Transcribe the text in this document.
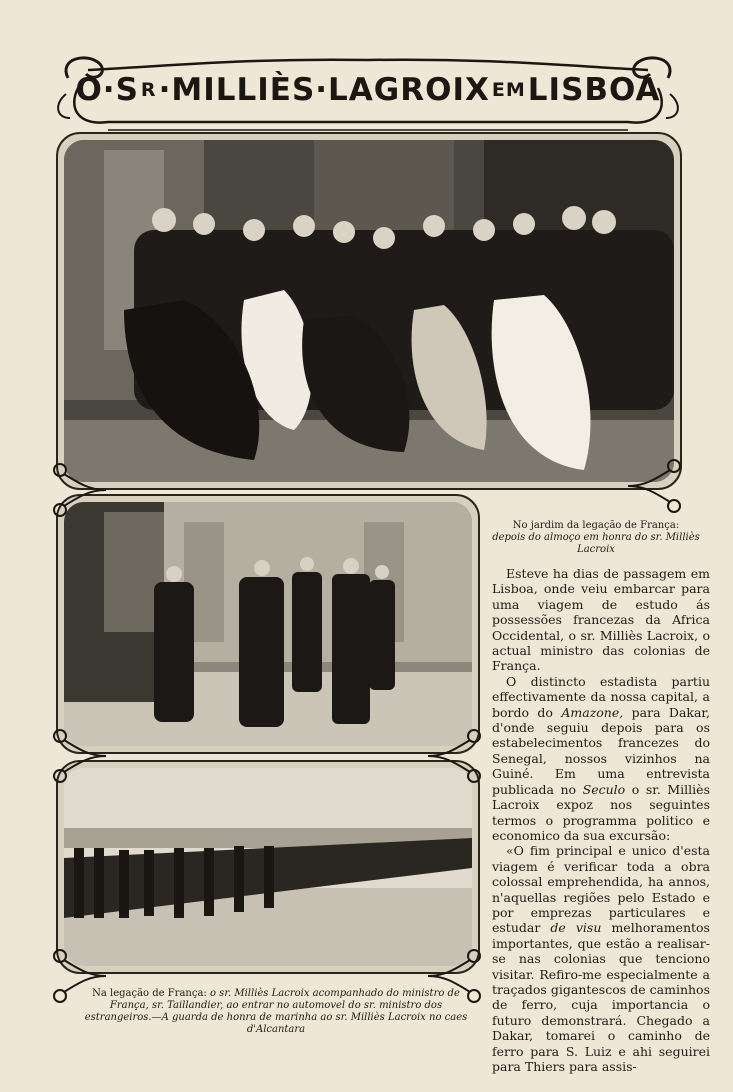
O·S R · MILLIÈS·LAGROIX EM LISBOA
No jardim da legação de França:
depois do almoço em honra do sr. Milliès Lacroix

Esteve ha dias de passagem em Lisboa, onde veiu embarcar para uma viagem de estudo ás possessões francezas da Africa Occidental, o sr. Milliès Lacroix, o actual ministro das colonias de França.

O distincto estadista partiu effectivamente da nossa capital, a bordo do Amazone, para Dakar, d'onde seguiu depois para os estabelecimentos francezes do Senegal, nossos vizinhos na Guiné. Em uma entrevista publicada no Seculo o sr. Milliès Lacroix expoz nos seguintes termos o programma politico e economico da sua excursão:

«O fim principal e unico d'esta viagem é verificar toda a obra colossal emprehendida, ha annos, n'aquellas regiões pelo Estado e por emprezas particulares e estudar de visu melhoramentos importantes, que estão a realisar-se nas colonias que tenciono visitar. Refiro-me especialmente a traçados gigantescos de caminhos de ferro, cuja importancia o futuro demonstrará. Chegado a Dakar, tomarei o caminho de ferro para S. Luiz e ahi seguirei para Thiers para assis-

Na legação de França: o sr. Milliès Lacroix acompanhado do ministro de França, sr. Taillandier, ao entrar no automovel do sr. ministro dos estrangeiros.—A guarda de honra de marinha ao sr. Milliès Lacroix no caes d'Alcantara
